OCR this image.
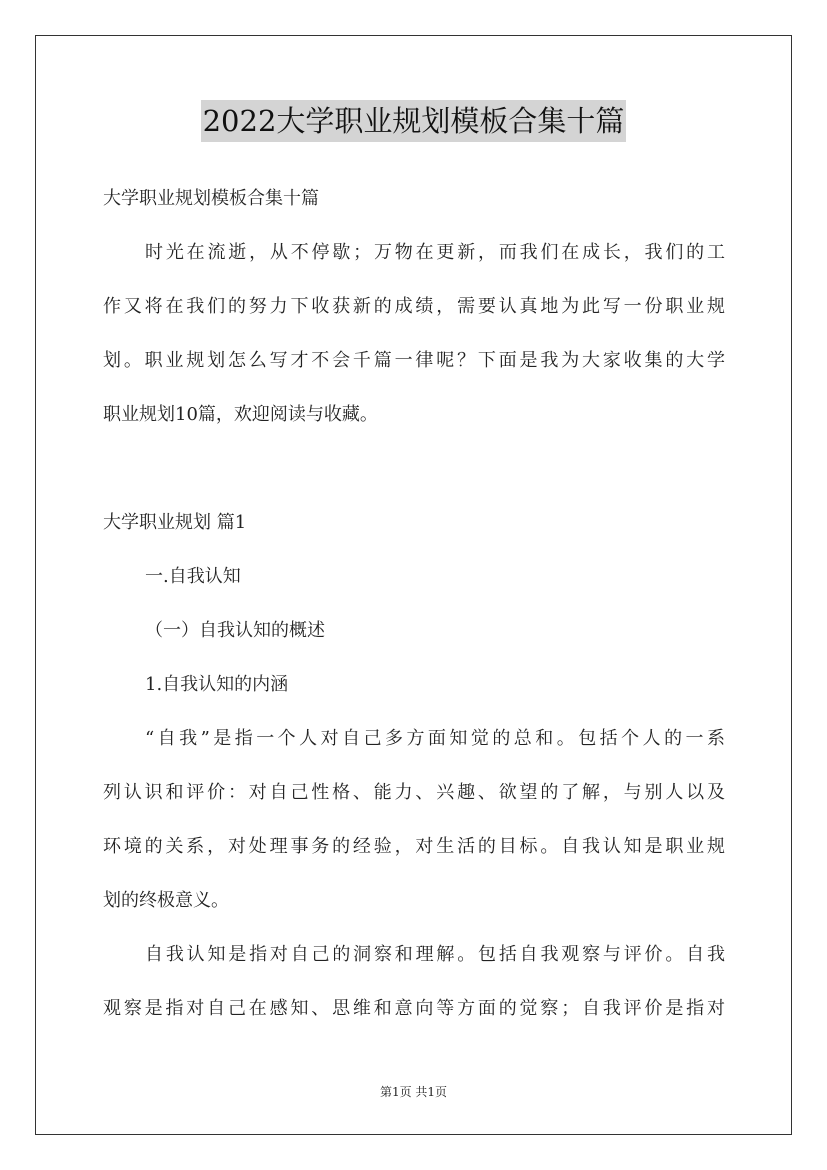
2022大学职业规划模板合集十篇
大学职业规划模板合集十篇
时光在流逝，从不停歇；万物在更新，而我们在成长，我们的工
作又将在我们的努力下收获新的成绩，需要认真地为此写一份职业规
划。职业规划怎么写才不会千篇一律呢？下面是我为大家收集的大学
职业规划10篇，欢迎阅读与收藏。
大学职业规划 篇1
一.自我认知
（一）自我认知的概述
1.自我认知的内涵
“自我”是指一个人对自己多方面知觉的总和。包括个人的一系
列认识和评价：对自己性格、能力、兴趣、欲望的了解，与别人以及
环境的关系，对处理事务的经验，对生活的目标。自我认知是职业规
划的终极意义。
自我认知是指对自己的洞察和理解。包括自我观察与评价。自我
观察是指对自己在感知、思维和意向等方面的觉察；自我评价是指对
第1页 共1页
